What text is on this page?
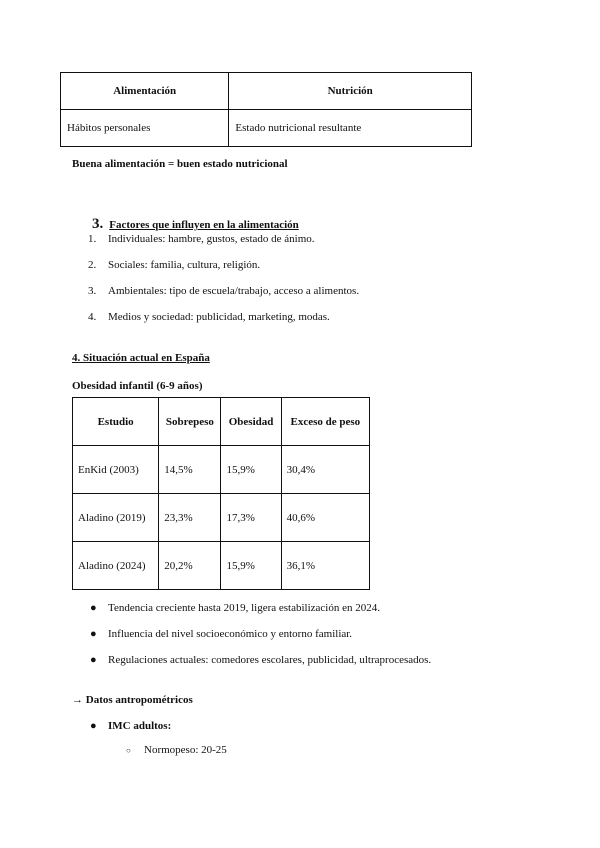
Alimentación	Nutrición
Hábitos personales	Estado nutricional resultante
Buena alimentación = buen estado nutricional
3. Factores que influyen en la alimentación
1.	Individuales: hambre, gustos, estado de ánimo.
2.	Sociales: familia, cultura, religión.
3.	Ambientales: tipo de escuela/trabajo, acceso a alimentos.
4.	Medios y sociedad: publicidad, marketing, modas.
4. Situación actual en España
Obesidad infantil (6-9 años)
Estudio	Sobrepeso	Obesidad	Exceso de peso
EnKid (2003)	14,5%	15,9%	30,4%
Aladino (2019)	23,3%	17,3%	40,6%
Aladino (2024)	20,2%	15,9%	36,1%
●	Tendencia creciente hasta 2019, ligera estabilización en 2024.
●	Influencia del nivel socioeconómico y entorno familiar.
●	Regulaciones actuales: comedores escolares, publicidad, ultraprocesados.
→ Datos antropométricos
● IMC adultos:
○ Normopeso: 20-25
